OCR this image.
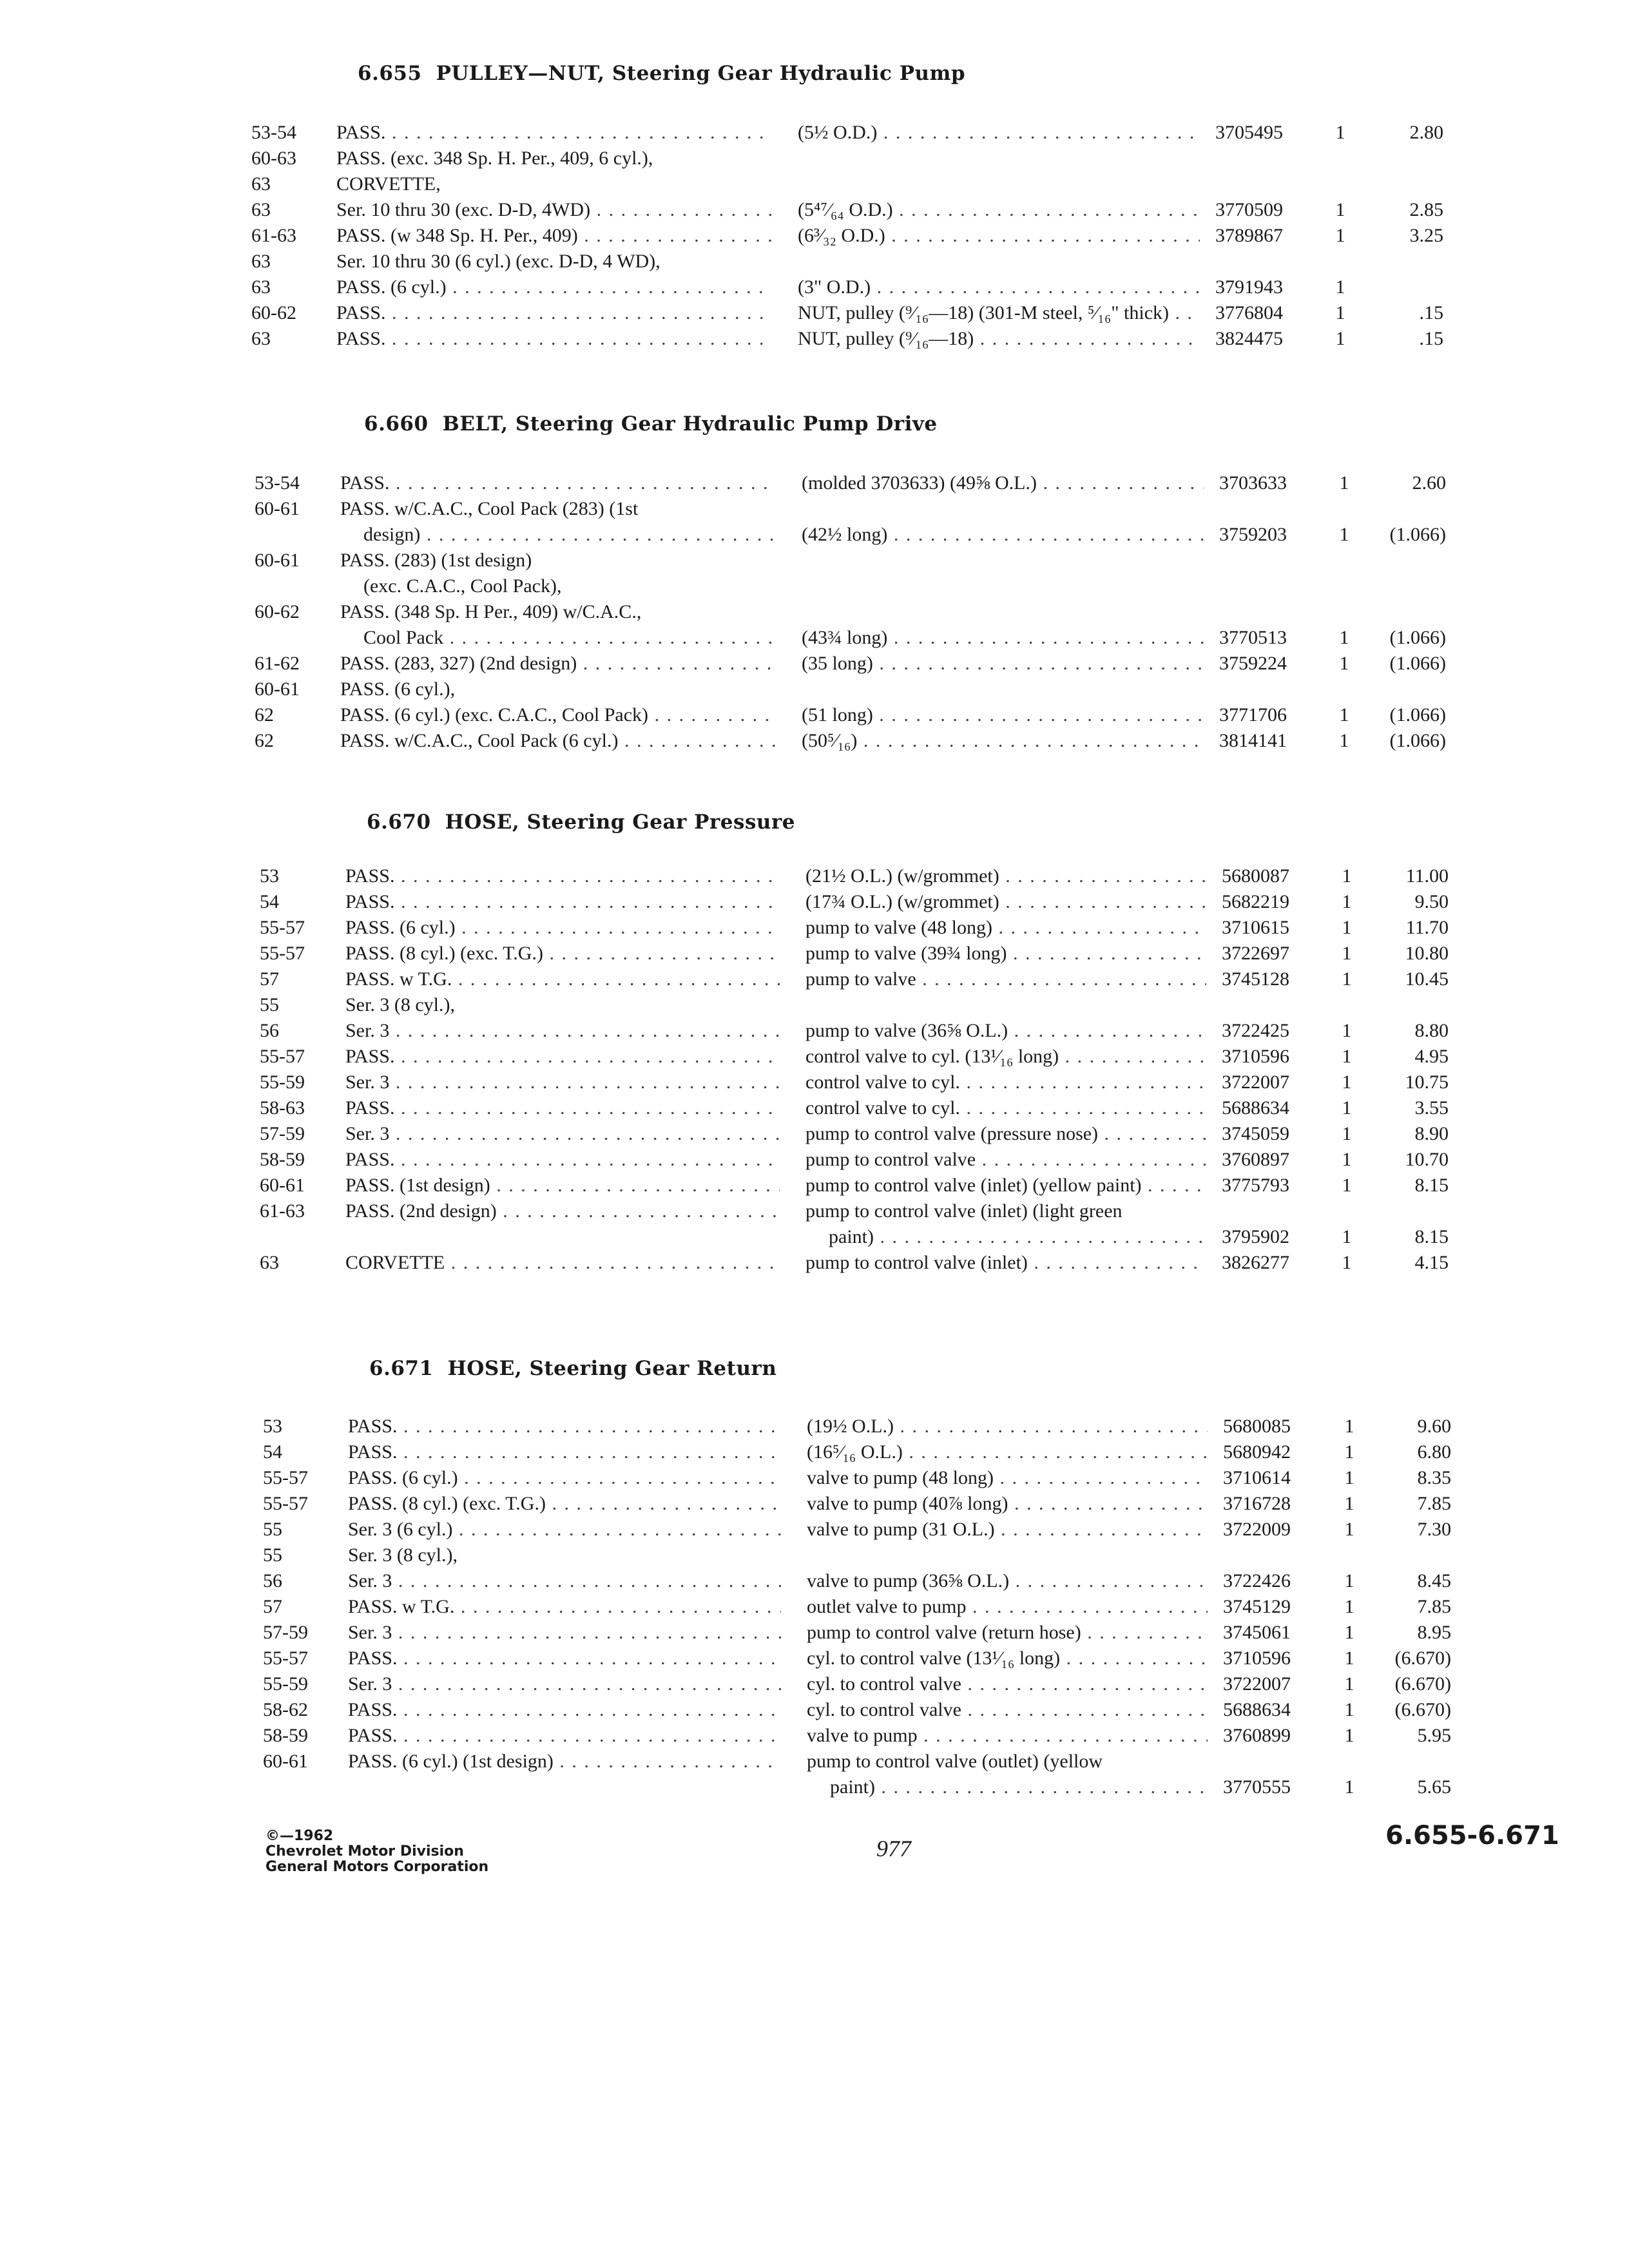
6.655 PULLEY—NUT, Steering Gear Hydraulic Pump
53-54	PASS. . . .	(5½ O.D.) . . .	3705495	1	2.80
60-63	PASS. (exc. 348 Sp. H. Per., 409, 6 cyl.),
63	CORVETTE,
63	Ser. 10 thru 30 (exc. D-D, 4WD) . . .	(5⁴⁷⁄₆₄ O.D.) . . .	3770509	1	2.85
61-63	PASS. (w 348 Sp. H. Per., 409) . . .	(6³⁄₃₂ O.D.) . . .	3789867	1	3.25
63	Ser. 10 thru 30 (6 cyl.) (exc. D-D, 4 WD),
63	PASS. (6 cyl.) . . .	(3" O.D.) . . .	3791943	1
60-62	PASS. . . .	NUT, pulley (⁹⁄₁₆—18) (301-M steel, ⁵⁄₁₆" thick) . . .	3776804	1	.15
63	PASS. . . .	NUT, pulley (⁹⁄₁₆—18) . . .	3824475	1	.15
6.660 BELT, Steering Gear Hydraulic Pump Drive
53-54	PASS. . . .	(molded 3703633) (49⅝ O.L.) . . .	3703633	1	2.60
60-61	PASS. w/C.A.C., Cool Pack (283) (1st
design) . . .	(42½ long) . . .	3759203	1	(1.066)
60-61	PASS. (283) (1st design)
(exc. C.A.C., Cool Pack),
60-62	PASS. (348 Sp. H Per., 409) w/C.A.C.,
Cool Pack . . .	(43¾ long) . . .	3770513	1	(1.066)
61-62	PASS. (283, 327) (2nd design) . . .	(35 long) . . .	3759224	1	(1.066)
60-61	PASS. (6 cyl.),
62	PASS. (6 cyl.) (exc. C.A.C., Cool Pack) . . .	(51 long) . . .	3771706	1	(1.066)
62	PASS. w/C.A.C., Cool Pack (6 cyl.) . . .	(50⁵⁄₁₆) . . .	3814141	1	(1.066)
6.670 HOSE, Steering Gear Pressure
53	PASS. . . .	(21½ O.L.) (w/grommet) . . .	5680087	1	11.00
54	PASS. . . .	(17¾ O.L.) (w/grommet) . . .	5682219	1	9.50
55-57	PASS. (6 cyl.) . . .	pump to valve (48 long) . . .	3710615	1	11.70
55-57	PASS. (8 cyl.) (exc. T.G.) . . .	pump to valve (39¾ long) . . .	3722697	1	10.80
57	PASS. w T.G. . . .	pump to valve . . .	3745128	1	10.45
55	Ser. 3 (8 cyl.),
56	Ser. 3 . . .	pump to valve (36⅝ O.L.) . . .	3722425	1	8.80
55-57	PASS. . . .	control valve to cyl. (13¹⁄₁₆ long) . . .	3710596	1	4.95
55-59	Ser. 3 . . .	control valve to cyl. . . .	3722007	1	10.75
58-63	PASS. . . .	control valve to cyl. . . .	5688634	1	3.55
57-59	Ser. 3 . . .	pump to control valve (pressure nose) . . .	3745059	1	8.90
58-59	PASS. . . .	pump to control valve . . .	3760897	1	10.70
60-61	PASS. (1st design) . . .	pump to control valve (inlet) (yellow paint) . . .	3775793	1	8.15
61-63	PASS. (2nd design) . . .	pump to control valve (inlet) (light green
paint) . . .	3795902	1	8.15
63	CORVETTE . . .	pump to control valve (inlet) . . .	3826277	1	4.15
6.671 HOSE, Steering Gear Return
53	PASS. . . .	(19½ O.L.) . . .	5680085	1	9.60
54	PASS. . . .	(16⁵⁄₁₆ O.L.) . . .	5680942	1	6.80
55-57	PASS. (6 cyl.) . . .	valve to pump (48 long) . . .	3710614	1	8.35
55-57	PASS. (8 cyl.) (exc. T.G.) . . .	valve to pump (40⅞ long) . . .	3716728	1	7.85
55	Ser. 3 (6 cyl.) . . .	valve to pump (31 O.L.) . . .	3722009	1	7.30
55	Ser. 3 (8 cyl.),
56	Ser. 3 . . .	valve to pump (36⅝ O.L.) . . .	3722426	1	8.45
57	PASS. w T.G. . . .	outlet valve to pump . . .	3745129	1	7.85
57-59	Ser. 3 . . .	pump to control valve (return hose) . . .	3745061	1	8.95
55-57	PASS. . . .	cyl. to control valve (13¹⁄₁₆ long) . . .	3710596	1	(6.670)
55-59	Ser. 3 . . .	cyl. to control valve . . .	3722007	1	(6.670)
58-62	PASS. . . .	cyl. to control valve . . .	5688634	1	(6.670)
58-59	PASS. . . .	valve to pump . . .	3760899	1	5.95
60-61	PASS. (6 cyl.) (1st design) . . .	pump to control valve (outlet) (yellow
paint) . . .	3770555	1	5.65
©—1962
Chevrolet Motor Division
General Motors Corporation
977	6.655-6.671
